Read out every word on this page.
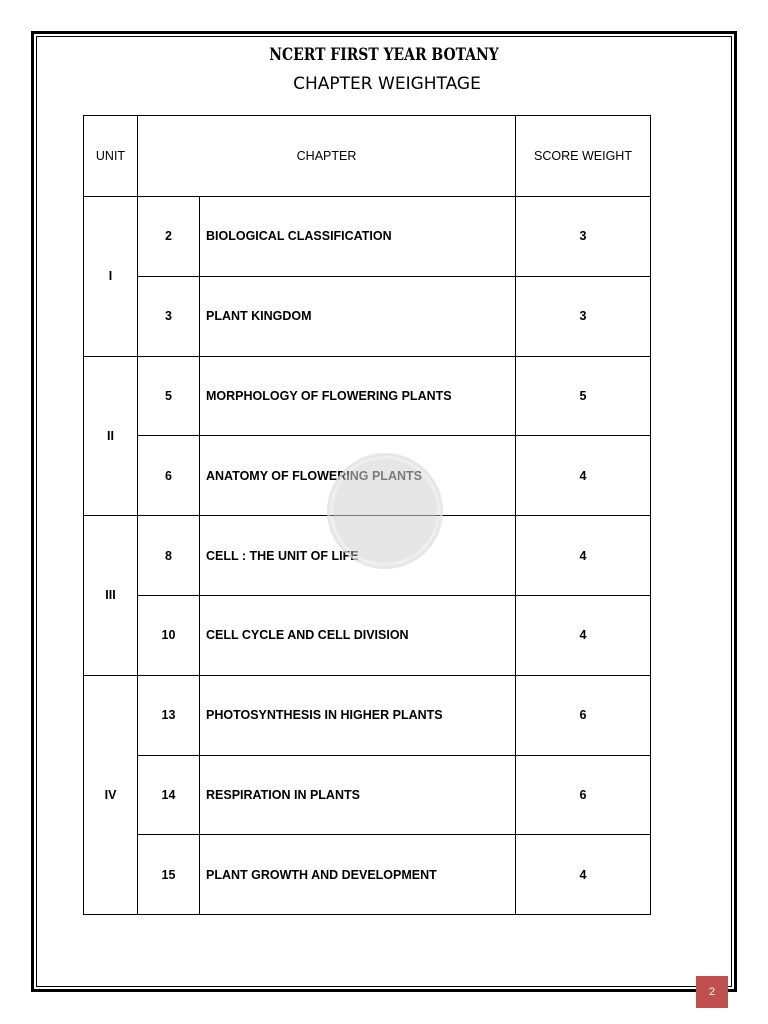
NCERT FIRST YEAR BOTANY
CHAPTER WEIGHTAGE
UNIT	CHAPTER		SCORE WEIGHT
I	2	BIOLOGICAL CLASSIFICATION	3
	3	PLANT KINGDOM	3
II	5	MORPHOLOGY OF FLOWERING PLANTS	5
	6	ANATOMY OF FLOWERING PLANTS	4
III	8	CELL : THE UNIT OF LIFE	4
	10	CELL CYCLE AND CELL DIVISION	4
IV	13	PHOTOSYNTHESIS IN HIGHER PLANTS	6
	14	RESPIRATION IN PLANTS	6
	15	PLANT GROWTH AND DEVELOPMENT	4
2
